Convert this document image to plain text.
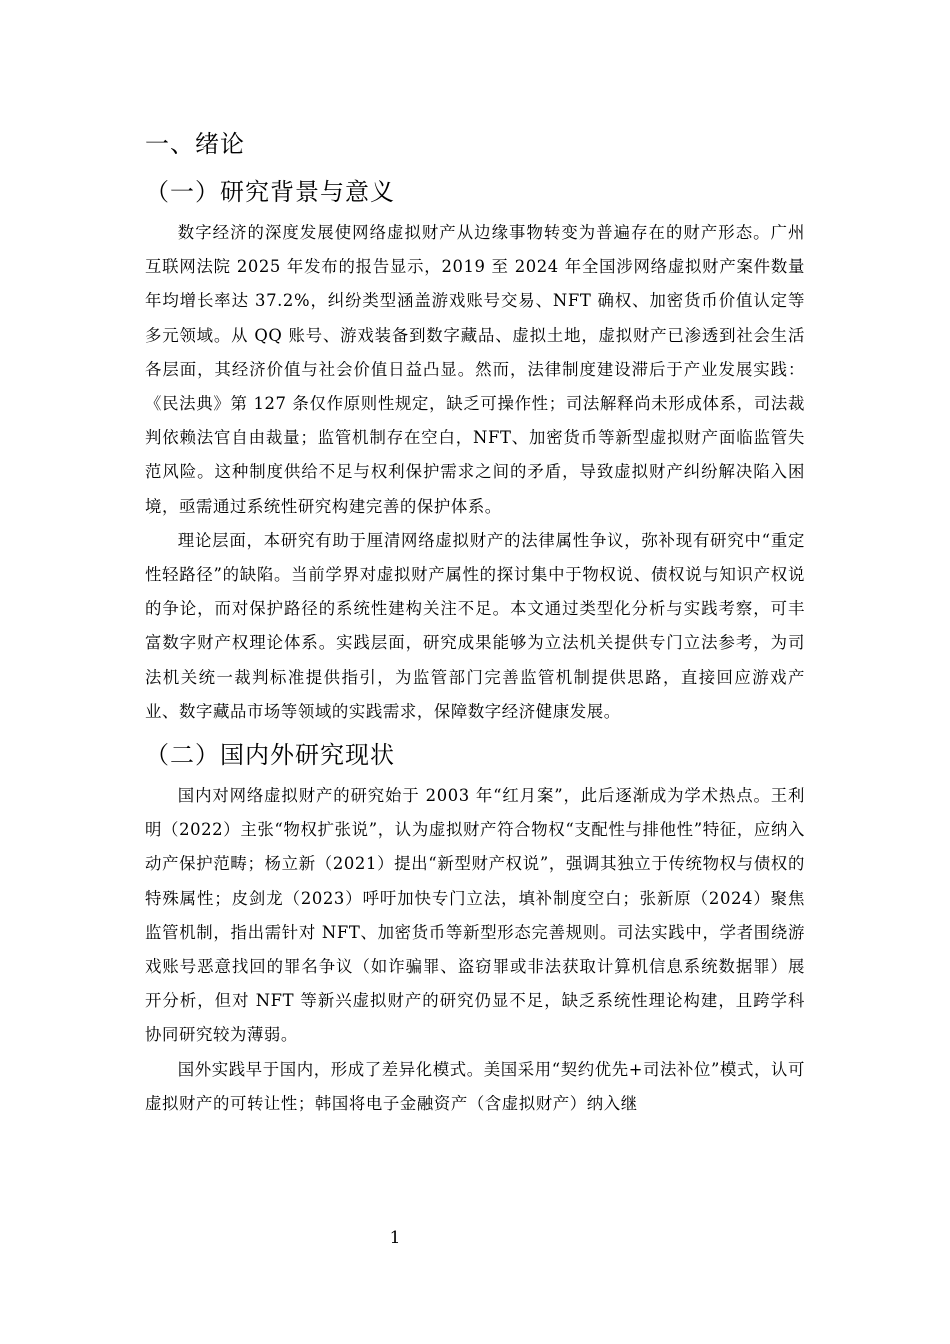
一、绪论
（一）研究背景与意义

数字经济的深度发展使网络虚拟财产从边缘事物转变为普遍存在的财产形态。广州互联网法院 2025 年发布的报告显示，2019 至 2024 年全国涉网络虚拟财产案件数量年均增长率达 37.2%，纠纷类型涵盖游戏账号交易、NFT 确权、加密货币价值认定等多元领域。从 QQ 账号、游戏装备到数字藏品、虚拟土地，虚拟财产已渗透到社会生活各层面，其经济价值与社会价值日益凸显。然而，法律制度建设滞后于产业发展实践：《民法典》第 127 条仅作原则性规定，缺乏可操作性；司法解释尚未形成体系，司法裁判依赖法官自由裁量；监管机制存在空白，NFT、加密货币等新型虚拟财产面临监管失范风险。这种制度供给不足与权利保护需求之间的矛盾，导致虚拟财产纠纷解决陷入困境，亟需通过系统性研究构建完善的保护体系。

理论层面，本研究有助于厘清网络虚拟财产的法律属性争议，弥补现有研究中“重定性轻路径”的缺陷。当前学界对虚拟财产属性的探讨集中于物权说、债权说与知识产权说的争论，而对保护路径的系统性建构关注不足。本文通过类型化分析与实践考察，可丰富数字财产权理论体系。实践层面，研究成果能够为立法机关提供专门立法参考，为司法机关统一裁判标准提供指引，为监管部门完善监管机制提供思路，直接回应游戏产业、数字藏品市场等领域的实践需求，保障数字经济健康发展。

（二）国内外研究现状

国内对网络虚拟财产的研究始于 2003 年“红月案”，此后逐渐成为学术热点。王利明（2022）主张“物权扩张说”，认为虚拟财产符合物权“支配性与排他性”特征，应纳入动产保护范畴；杨立新（2021）提出“新型财产权说”，强调其独立于传统物权与债权的特殊属性；皮剑龙（2023）呼吁加快专门立法，填补制度空白；张新原（2024）聚焦监管机制，指出需针对 NFT、加密货币等新型形态完善规则。司法实践中，学者围绕游戏账号恶意找回的罪名争议（如诈骗罪、盗窃罪或非法获取计算机信息系统数据罪）展开分析，但对 NFT 等新兴虚拟财产的研究仍显不足，缺乏系统性理论构建，且跨学科协同研究较为薄弱。

国外实践早于国内，形成了差异化模式。美国采用“契约优先+司法补位”模式，认可虚拟财产的可转让性；韩国将电子金融资产（含虚拟财产）纳入继

1
